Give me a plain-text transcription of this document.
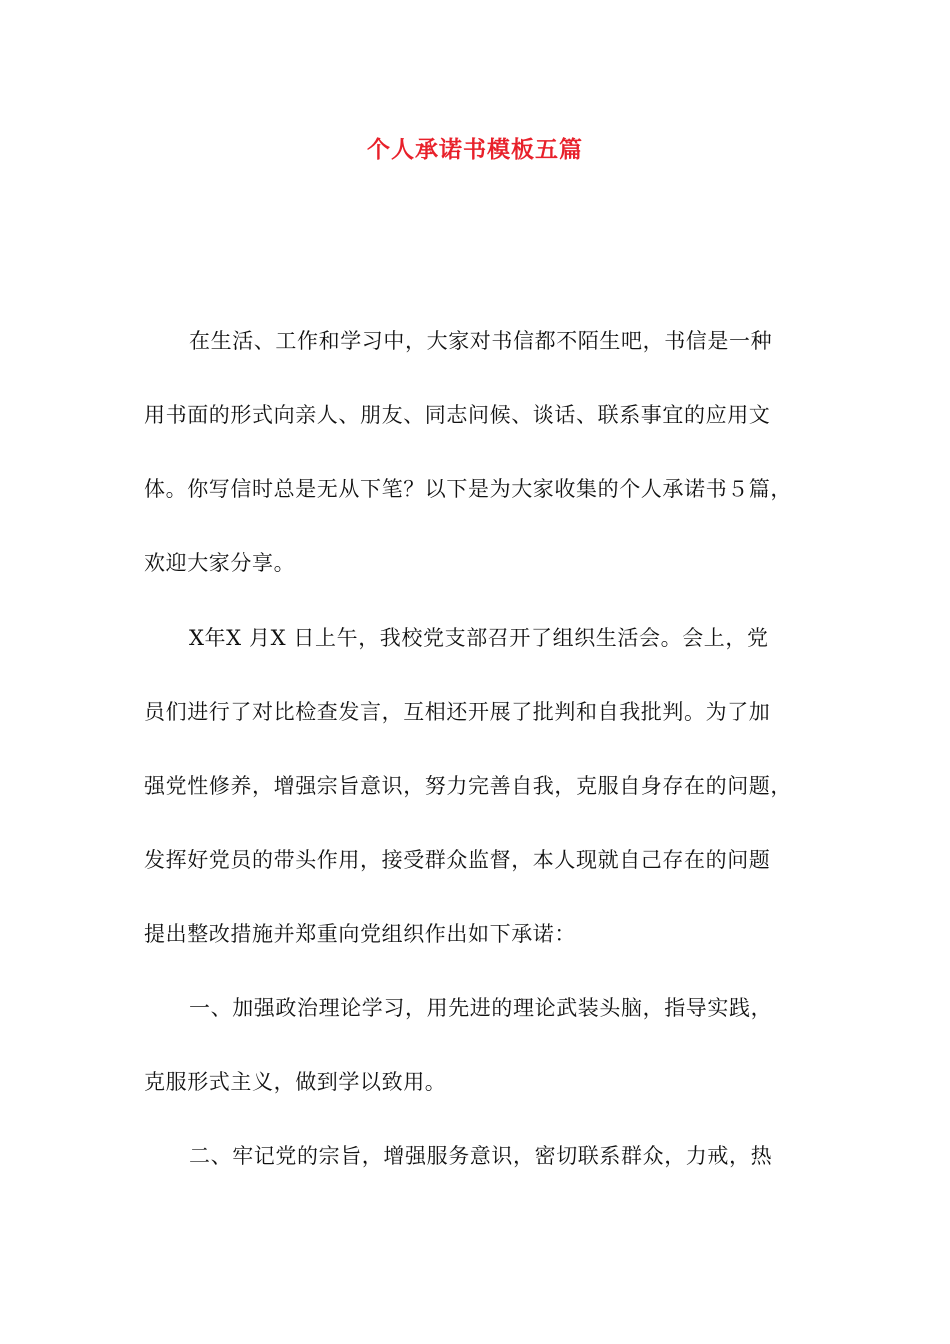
个人承诺书模板五篇
在生活、工作和学习中，大家对书信都不陌生吧，书信是一种
用书面的形式向亲人、朋友、同志问候、谈话、联系事宜的应用文
体。你写信时总是无从下笔？以下是为大家收集的个人承诺书５篇，
欢迎大家分享。
X年X 月X 日上午，我校党支部召开了组织生活会。会上，党
员们进行了对比检查发言，互相还开展了批判和自我批判。为了加
强党性修养，增强宗旨意识，努力完善自我，克服自身存在的问题，
发挥好党员的带头作用，接受群众监督，本人现就自己存在的问题
提出整改措施并郑重向党组织作出如下承诺：
一、加强政治理论学习，用先进的理论武装头脑，指导实践，
克服形式主义，做到学以致用。
二、牢记党的宗旨，增强服务意识，密切联系群众，力戒，热
